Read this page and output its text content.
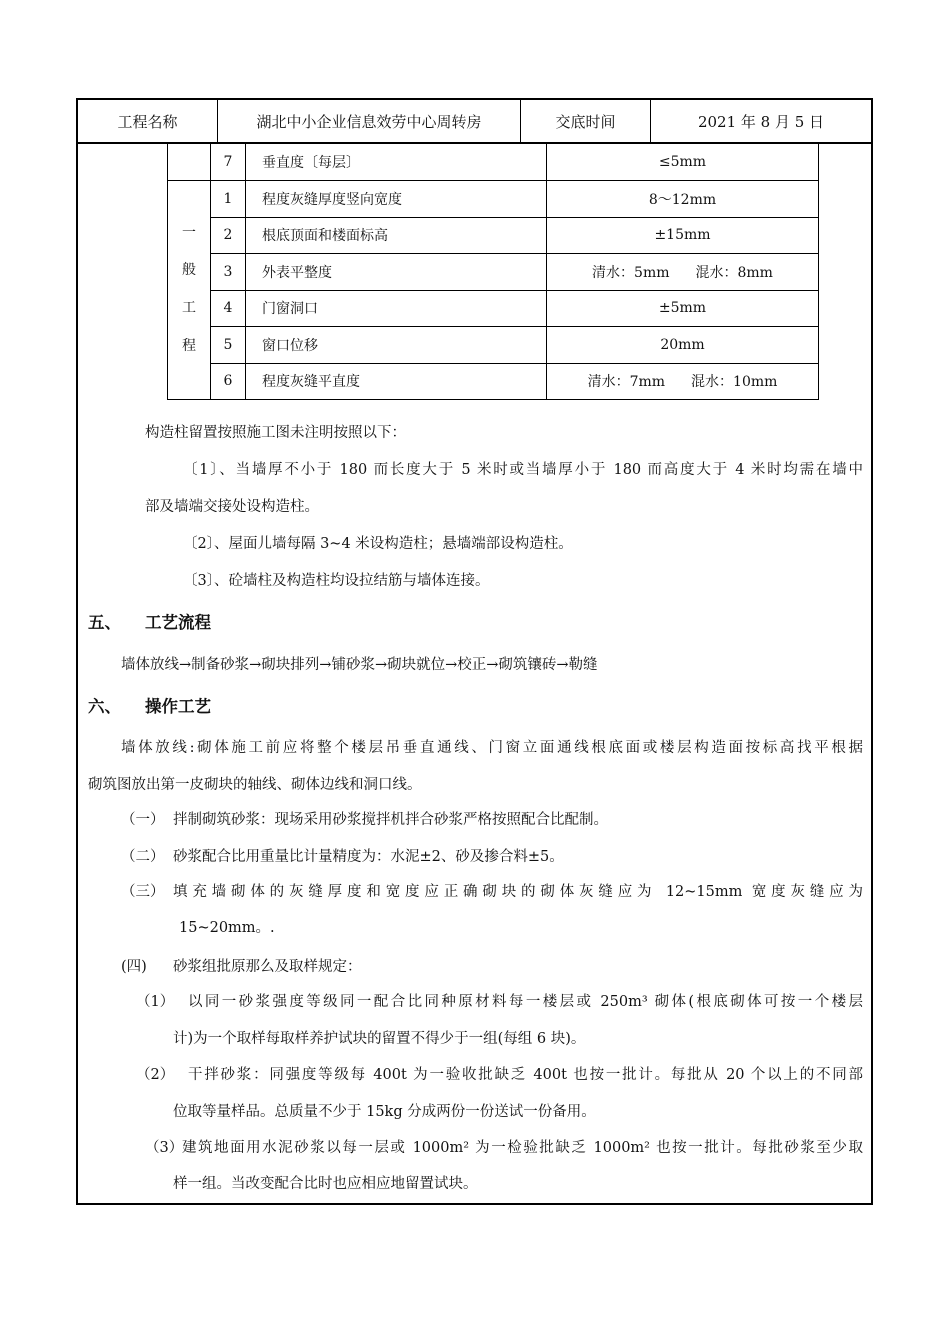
工程名称	湖北中小企业信息效劳中心周转房	交底时间	2021 年 8 月 5 日
	7	垂直度〔每层〕	≤5mm

一般工程	1	程度灰缝厚度竖向宽度	8～12mm
	2	根底顶面和楼面标高	±15mm
	3	外表平整度	清水：5mm 混水：8mm
	4	门窗洞口	±5mm
	5	窗口位移	20mm
	6	程度灰缝平直度	清水：7mm 混水：10mm
构造柱留置按照施工图未注明按照以下：
〔1〕、当墙厚不小于 180 而长度大于 5 米时或当墙厚小于 180 而高度大于 4 米时均需在墙中
部及墙端交接处设构造柱。
〔2〕、屋面儿墙每隔 3~4 米设构造柱；悬墙端部设构造柱。
〔3〕、砼墙柱及构造柱均设拉结筋与墙体连接。
五、 工艺流程
墙体放线→制备砂浆→砌块排列→铺砂浆→砌块就位→校正→砌筑镶砖→勒缝
六、 操作工艺
墙体放线:砌体施工前应将整个楼层吊垂直通线、门窗立面通线根底面或楼层构造面按标高找平根据
砌筑图放出第一皮砌块的轴线、砌体边线和洞口线。
（一） 拌制砌筑砂浆：现场采用砂浆搅拌机拌合砂浆严格按照配合比配制。
（二） 砂浆配合比用重量比计量精度为：水泥±2、砂及掺合料±5。
（三） 填充墙砌体的灰缝厚度和宽度应正确砌块的砌体灰缝应为 12~15mm 宽度灰缝应为
15~20mm。.
(四) 砂浆组批原那么及取样规定：
（1） 以同一砂浆强度等级同一配合比同种原材料每一楼层或 250m³ 砌体(根底砌体可按一个楼层
计)为一个取样每取样养护试块的留置不得少于一组(每组 6 块)。
（2） 干拌砂浆：同强度等级每 400t 为一验收批缺乏 400t 也按一批计。每批从 20 个以上的不同部
位取等量样品。总质量不少于 15kg 分成两份一份送试一份备用。
（3）
建筑地面用水泥砂浆以每一层或 1000m² 为一检验批缺乏 1000m² 也按一批计。每批砂浆至少取
样一组。当改变配合比时也应相应地留置试块。
